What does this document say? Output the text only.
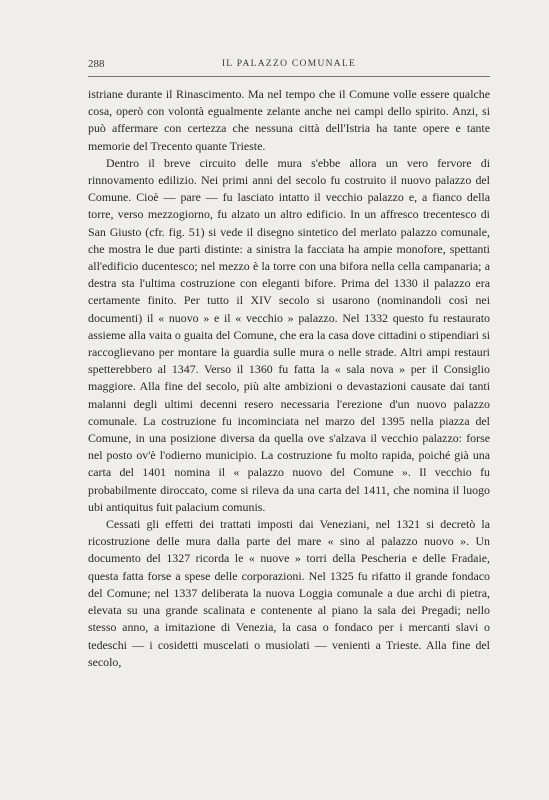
288	IL PALAZZO COMUNALE

istriane durante il Rinascimento. Ma nel tempo che il Comune volle essere qualche cosa, operò con volontà egualmente zelante anche nei campi dello spirito. Anzi, si può affermare con certezza che nessuna città dell'Istria ha tante opere e tante memorie del Trecento quante Trieste.

Dentro il breve circuito delle mura s'ebbe allora un vero fervore di rinnovamento edilizio. Nei primi anni del secolo fu costruito il nuovo palazzo del Comune. Cioè — pare — fu lasciato intatto il vecchio palazzo e, a fianco della torre, verso mezzogiorno, fu alzato un altro edificio. In un affresco trecentesco di San Giusto (cfr. fig. 51) si vede il disegno sintetico del merlato palazzo comunale, che mostra le due parti distinte: a sinistra la facciata ha ampie monofore, spettanti all'edificio ducentesco; nel mezzo è la torre con una bifora nella cella campanaria; a destra sta l'ultima costruzione con eleganti bifore. Prima del 1330 il palazzo era certamente finito. Per tutto il XIV secolo si usarono (nominandoli così nei documenti) il « nuovo » e il « vecchio » palazzo. Nel 1332 questo fu restaurato assieme alla vaita o guaita del Comune, che era la casa dove cittadini o stipendiari si raccoglievano per montare la guardia sulle mura o nelle strade. Altri ampi restauri spetterebbero al 1347. Verso il 1360 fu fatta la « sala nova » per il Consiglio maggiore. Alla fine del secolo, più alte ambizioni o devastazioni causate dai tanti malanni degli ultimi decenni resero necessaria l'erezione d'un nuovo palazzo comunale. La costruzione fu incominciata nel marzo del 1395 nella piazza del Comune, in una posizione diversa da quella ove s'alzava il vecchio palazzo: forse nel posto ov'è l'odierno municipio. La costruzione fu molto rapida, poiché già una carta del 1401 nomina il « palazzo nuovo del Comune ». Il vecchio fu probabilmente diroccato, come si rileva da una carta del 1411, che nomina il luogo ubi antiquitus fuit palacium comunis.

Cessati gli effetti dei trattati imposti dai Veneziani, nel 1321 si decretò la ricostruzione delle mura dalla parte del mare « sino al palazzo nuovo ». Un documento del 1327 ricorda le « nuove » torri della Pescheria e delle Fradaie, questa fatta forse a spese delle corporazioni. Nel 1325 fu rifatto il grande fondaco del Comune; nel 1337 deliberata la nuova Loggia comunale a due archi di pietra, elevata su una grande scalinata e contenente al piano la sala dei Pregadi; nello stesso anno, a imitazione di Venezia, la casa o fondaco per i mercanti slavi o tedeschi — i cosidetti muscelati o musiolati — venienti a Trieste. Alla fine del secolo,
